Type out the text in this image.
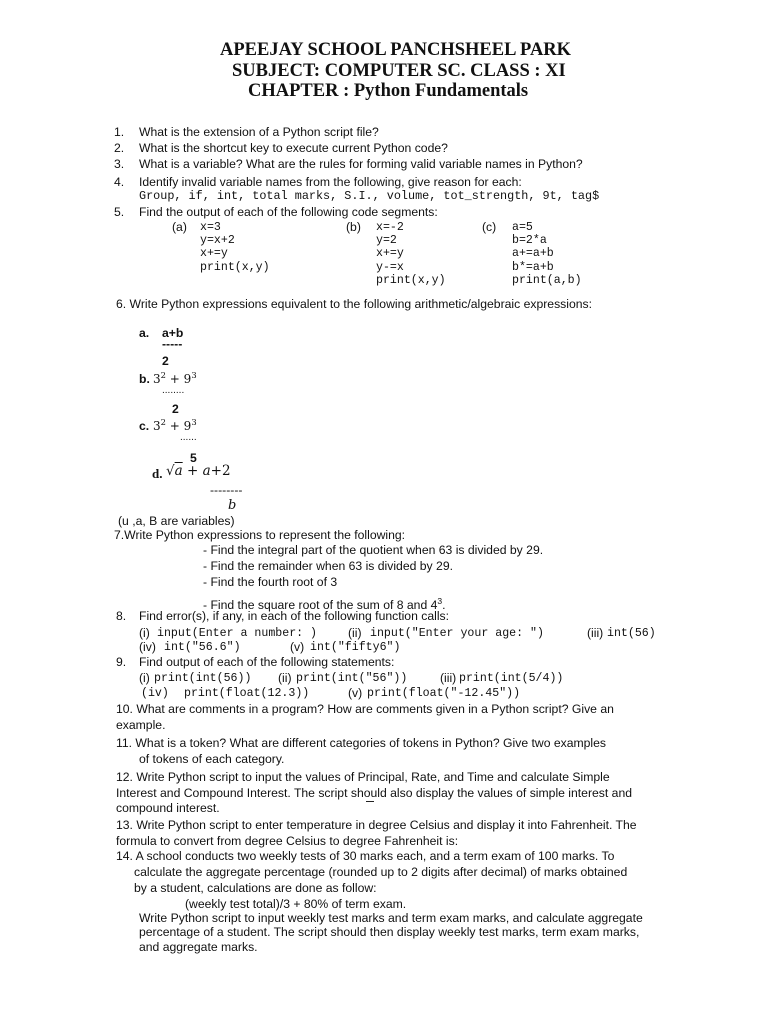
APEEJAY SCHOOL PANCHSHEEL PARK
SUBJECT: COMPUTER SC. CLASS : XI
CHAPTER : Python Fundamentals
1. What is the extension of a Python script file?
2. What is the shortcut key to execute current Python code?
3. What is a variable? What are the rules for forming valid variable names in Python?
4. Identify invalid variable names from the following, give reason for each:
Group, if, int, total marks, S.I., volume, tot_strength, 9t, tag$
5. Find the output of each of the following code segments:
(a) x=3
y=x+2
x+=y
print(x,y)
(b) x=-2
y=2
x+=y
y-=x
print(x,y)
(c) a=5
b=2*a
a+=a+b
b*=a+b
print(a,b)
6. Write Python expressions equivalent to the following arithmetic/algebraic expressions:
a. a+b
-----
2
b. $3^2 + 9^3$
........
2
c. $3^2 + 9^3$
......
5
d. √a + a+2
--------
b
(u ,a, B are variables)
7.Write Python expressions to represent the following:
- Find the integral part of the quotient when 63 is divided by 29.
- Find the remainder when 63 is divided by 29.
- Find the fourth root of 3
- Find the square root of the sum of 8 and $4^3$.
8. Find error(s), if any, in each of the following function calls:
(i) input(Enter a number: )	(ii) input("Enter your age: ")	(iii) int(56)
(iv) int("56.6")	(v) int("fifty6")
9. Find output of each of the following statements:
(i) print(int(56)) (ii) print(int("56"))	(iii) print(int(5/4))
(iv) print(float(12.3))	(v) print(float("-12.45"))
10. What are comments in a program? How are comments given in a Python script? Give an
example.
11. What is a token? What are different categories of tokens in Python? Give two examples
of tokens of each category.
12. Write Python script to input the values of Principal, Rate, and Time and calculate Simple
Interest and Compound Interest. The script should also display the values of simple interest and
compound interest.
13. Write Python script to enter temperature in degree Celsius and display it into Fahrenheit. The
formula to convert from degree Celsius to degree Fahrenheit is:
14. A school conducts two weekly tests of 30 marks each, and a term exam of 100 marks. To
calculate the aggregate percentage (rounded up to 2 digits after decimal) of marks obtained
by a student, calculations are done as follow:
(weekly test total)/3 + 80% of term exam.
Write Python script to input weekly test marks and term exam marks, and calculate aggregate
percentage of a student. The script should then display weekly test marks, term exam marks,
and aggregate marks.
